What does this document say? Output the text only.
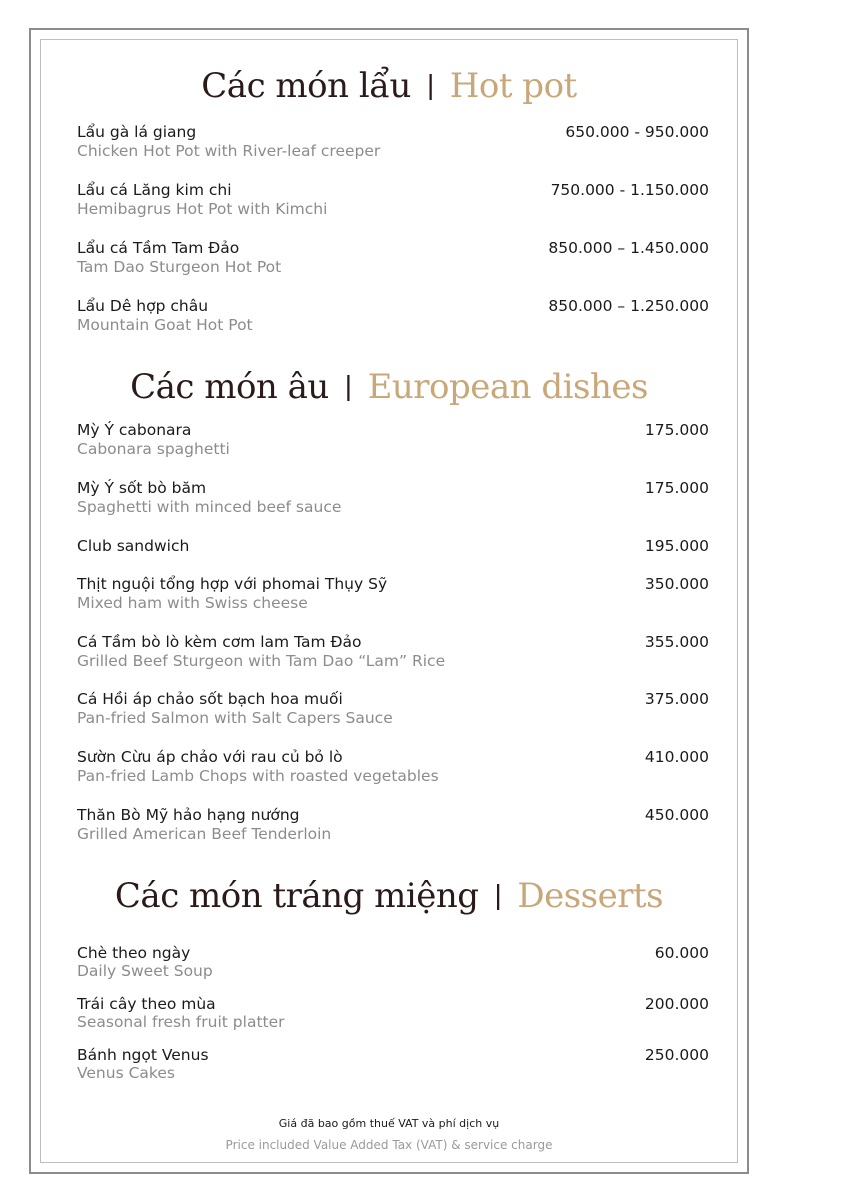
Các món lẩu | Hot pot
Lẩu gà lá giang
Chicken Hot Pot with River-leaf creeper
650.000 - 950.000
Lẩu cá Lăng kim chi
Hemibagrus Hot Pot with Kimchi
750.000 - 1.150.000
Lẩu cá Tầm Tam Đảo
Tam Dao Sturgeon Hot Pot
850.000 – 1.450.000
Lẩu Dê hợp châu
Mountain Goat Hot Pot
850.000 – 1.250.000
Các món âu | European dishes
Mỳ Ý cabonara
Cabonara spaghetti
175.000
Mỳ Ý sốt bò băm
Spaghetti with minced beef sauce
175.000
Club sandwich	195.000
Thịt nguội tổng hợp với phomai Thụy Sỹ
Mixed ham with Swiss cheese
350.000
Cá Tầm bò lò kèm cơm lam Tam Đảo
Grilled Beef Sturgeon with Tam Dao “Lam” Rice
355.000
Cá Hồi áp chảo sốt bạch hoa muối
Pan-fried Salmon with Salt Capers Sauce
375.000
Sườn Cừu áp chảo với rau củ bỏ lò
Pan-fried Lamb Chops with roasted vegetables
410.000
Thăn Bò Mỹ hảo hạng nướng
Grilled American Beef Tenderloin
450.000
Các món tráng miệng | Desserts
Chè theo ngày
Daily Sweet Soup
60.000
Trái cây theo mùa
Seasonal fresh fruit platter
200.000
Bánh ngọt Venus
Venus Cakes
250.000
Giá đã bao gồm thuế VAT và phí dịch vụ
Price included Value Added Tax (VAT) & service charge
